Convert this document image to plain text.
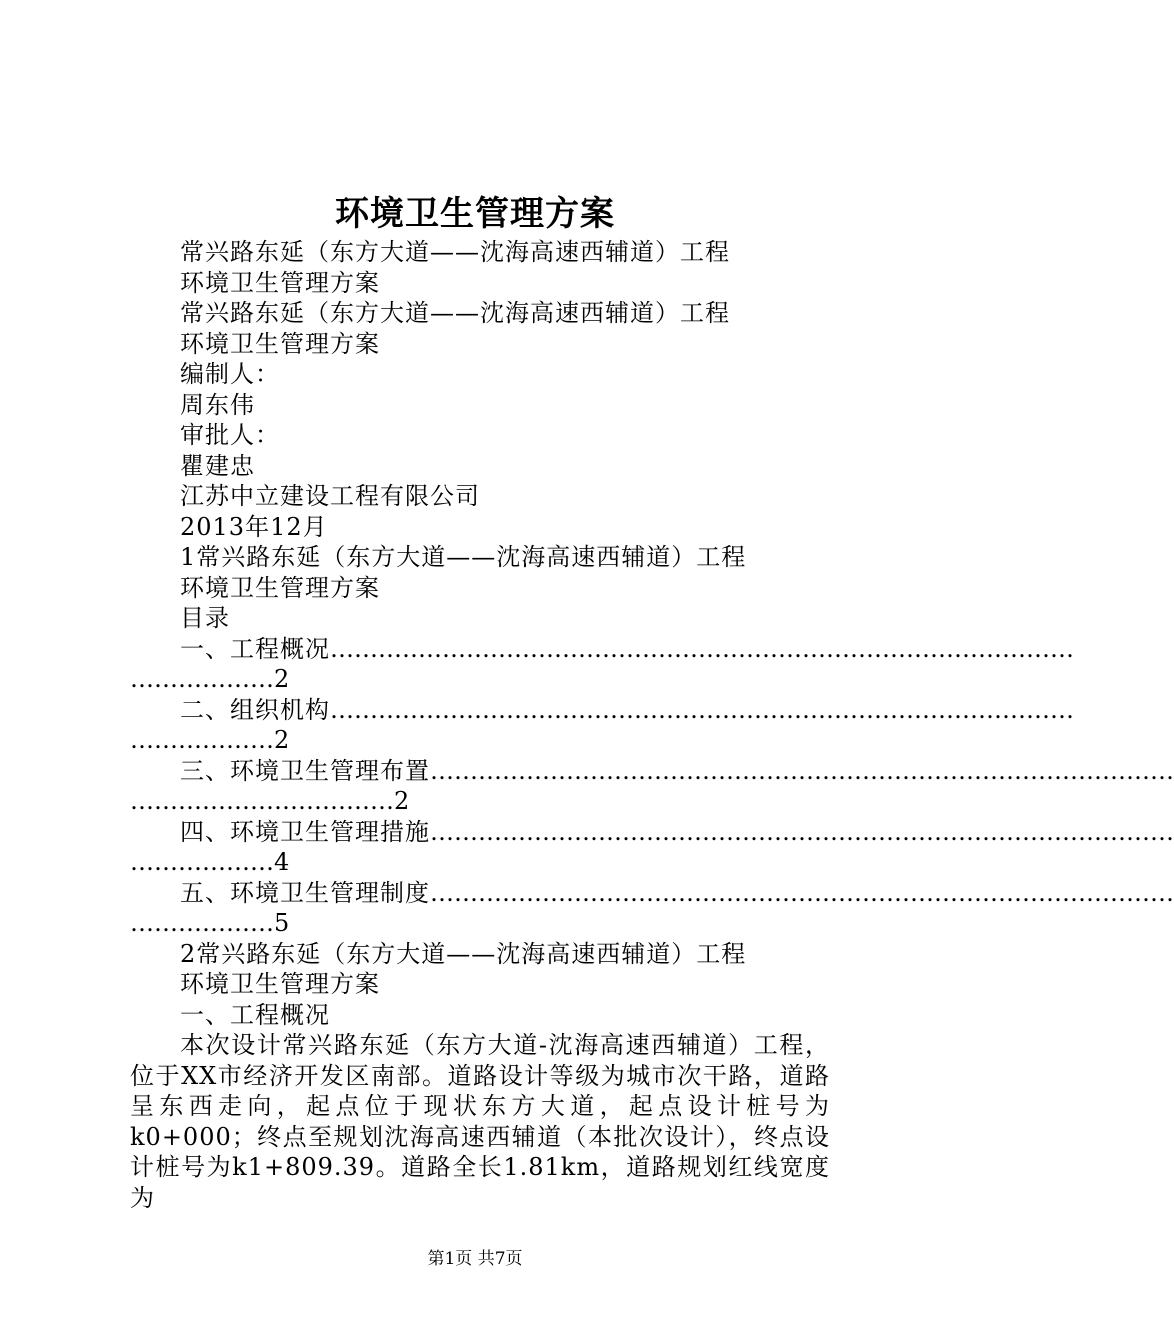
环境卫生管理方案
常兴路东延（东方大道——沈海高速西辅道）工程
环境卫生管理方案
常兴路东延（东方大道——沈海高速西辅道）工程
环境卫生管理方案
编制人：
周东伟
审批人：
瞿建忠
江苏中立建设工程有限公司
2013年12月
1常兴路东延（东方大道——沈海高速西辅道）工程
环境卫生管理方案
目录
一、工程概况…………………………………………………………………………………
………………2
二、组织机构…………………………………………………………………………………
………………2
三、环境卫生管理布置…………………………………………………………………………………
……………………………2
四、环境卫生管理措施…………………………………………………………………………………
………………4
五、环境卫生管理制度…………………………………………………………………………………
………………5
2常兴路东延（东方大道——沈海高速西辅道）工程
环境卫生管理方案
一、工程概况
本次设计常兴路东延（东方大道-沈海高速西辅道）工程，
位于XX市经济开发区南部。道路设计等级为城市次干路，道路
呈东西走向，起点位于现状东方大道，起点设计桩号为
k0+000；终点至规划沈海高速西辅道（本批次设计），终点设
计桩号为k1+809.39。道路全长1.81km，道路规划红线宽度为
第1页 共7页
